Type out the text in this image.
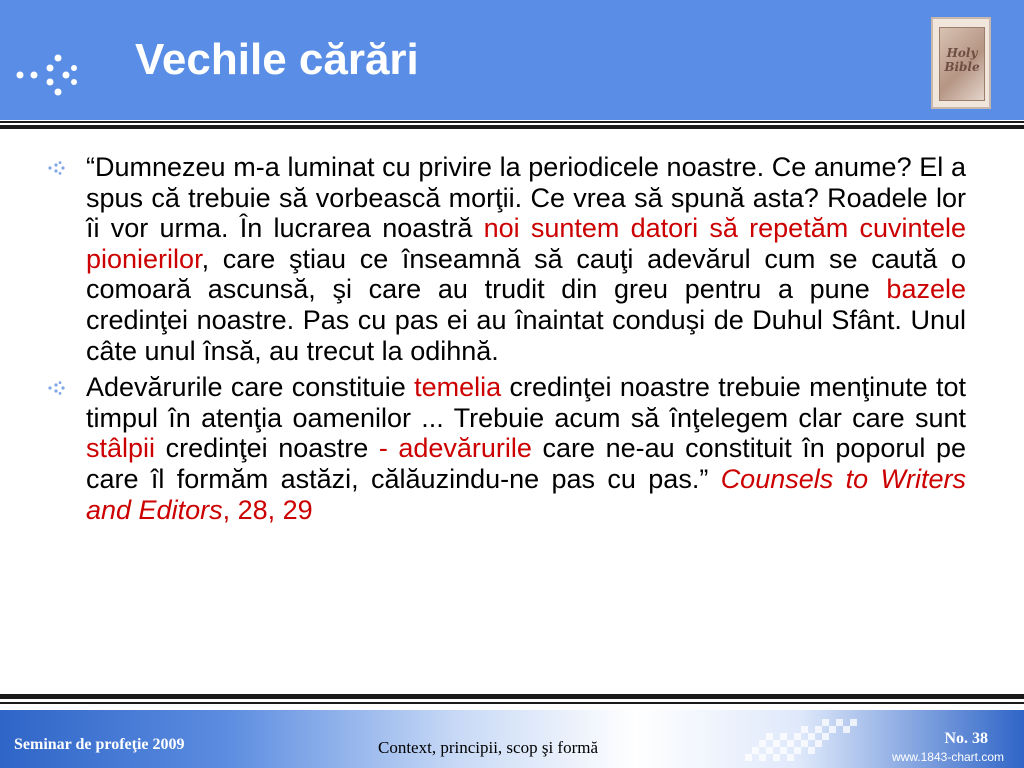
Vechile cărări	Holy Bible
“Dumnezeu m-a luminat cu privire la periodicele noastre. Ce anume? El a spus că trebuie să vorbească morţii. Ce vrea să spună asta? Roadele lor îi vor urma. În lucrarea noastră noi suntem datori să repetăm cuvintele pionierilor, care ştiau ce înseamnă să cauţi adevărul cum se caută o comoară ascunsă, şi care au trudit din greu pentru a pune bazele credinţei noastre. Pas cu pas ei au înaintat conduşi de Duhul Sfânt. Unul câte unul însă, au trecut la odihnă.
Adevărurile care constituie temelia credinţei noastre trebuie menţinute tot timpul în atenţia oamenilor ... Trebuie acum să înţelegem clar care sunt stâlpii credinţei noastre - adevărurile care ne-au constituit în poporul pe care îl formăm astăzi, călăuzindu-ne pas cu pas.” Counsels to Writers and Editors, 28, 29
Seminar de profeţie 2009	Context, principii, scop şi formă	No. 38
www.1843-chart.com
